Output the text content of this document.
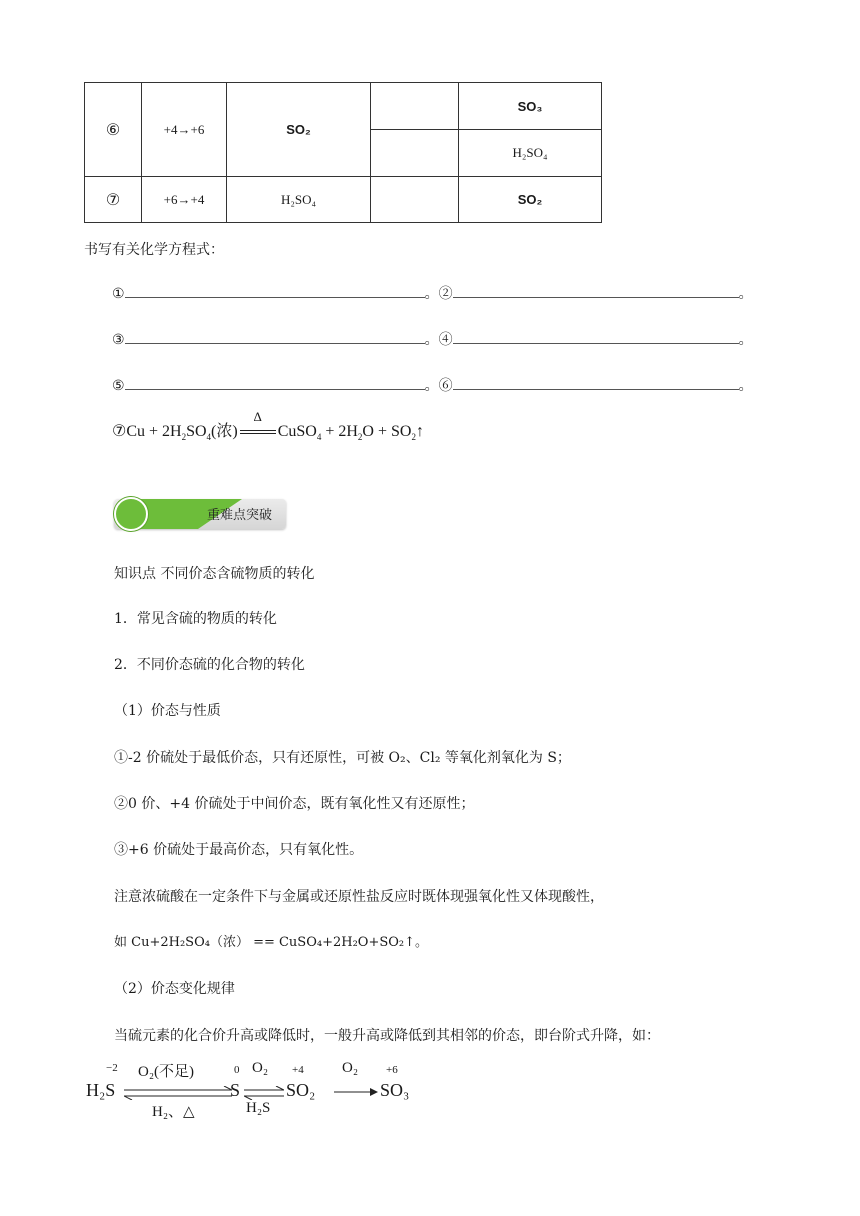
⑥	+4→+6	SO₂		SO₃
				H₂SO₄
⑦	+6→+4	H₂SO₄		SO₂
书写有关化学方程式：
①	。②	。
③	。④	。
⑤	。⑥	。
⑦Cu + $2H_2SO_4$(浓)
Δ
CuSO$_4$ + $2H_2O$ + $SO_2↑$
重难点突破
知识点 不同价态含硫物质的转化
1．常见含硫的物质的转化
2．不同价态硫的化合物的转化
（1）价态与性质
①-2 价硫处于最低价态，只有还原性，可被 O₂、Cl₂ 等氧化剂氧化为 S；
②0 价、+4 价硫处于中间价态，既有氧化性又有还原性；
③+6 价硫处于最高价态，只有氧化性。
注意浓硫酸在一定条件下与金属或还原性盐反应时既体现强氧化性又体现酸性，
如 Cu+2H₂SO₄（浓） == CuSO₄+2H₂O+SO₂↑。
（2）价态变化规律
当硫元素的化合价升高或降低时，一般升高或降低到其相邻的价态，即台阶式升降，如：
−2
H₂S
O₂(不足)
H₂、△
0
S
O₂
H₂S
+4
SO₂
O₂	+6
SO₃
